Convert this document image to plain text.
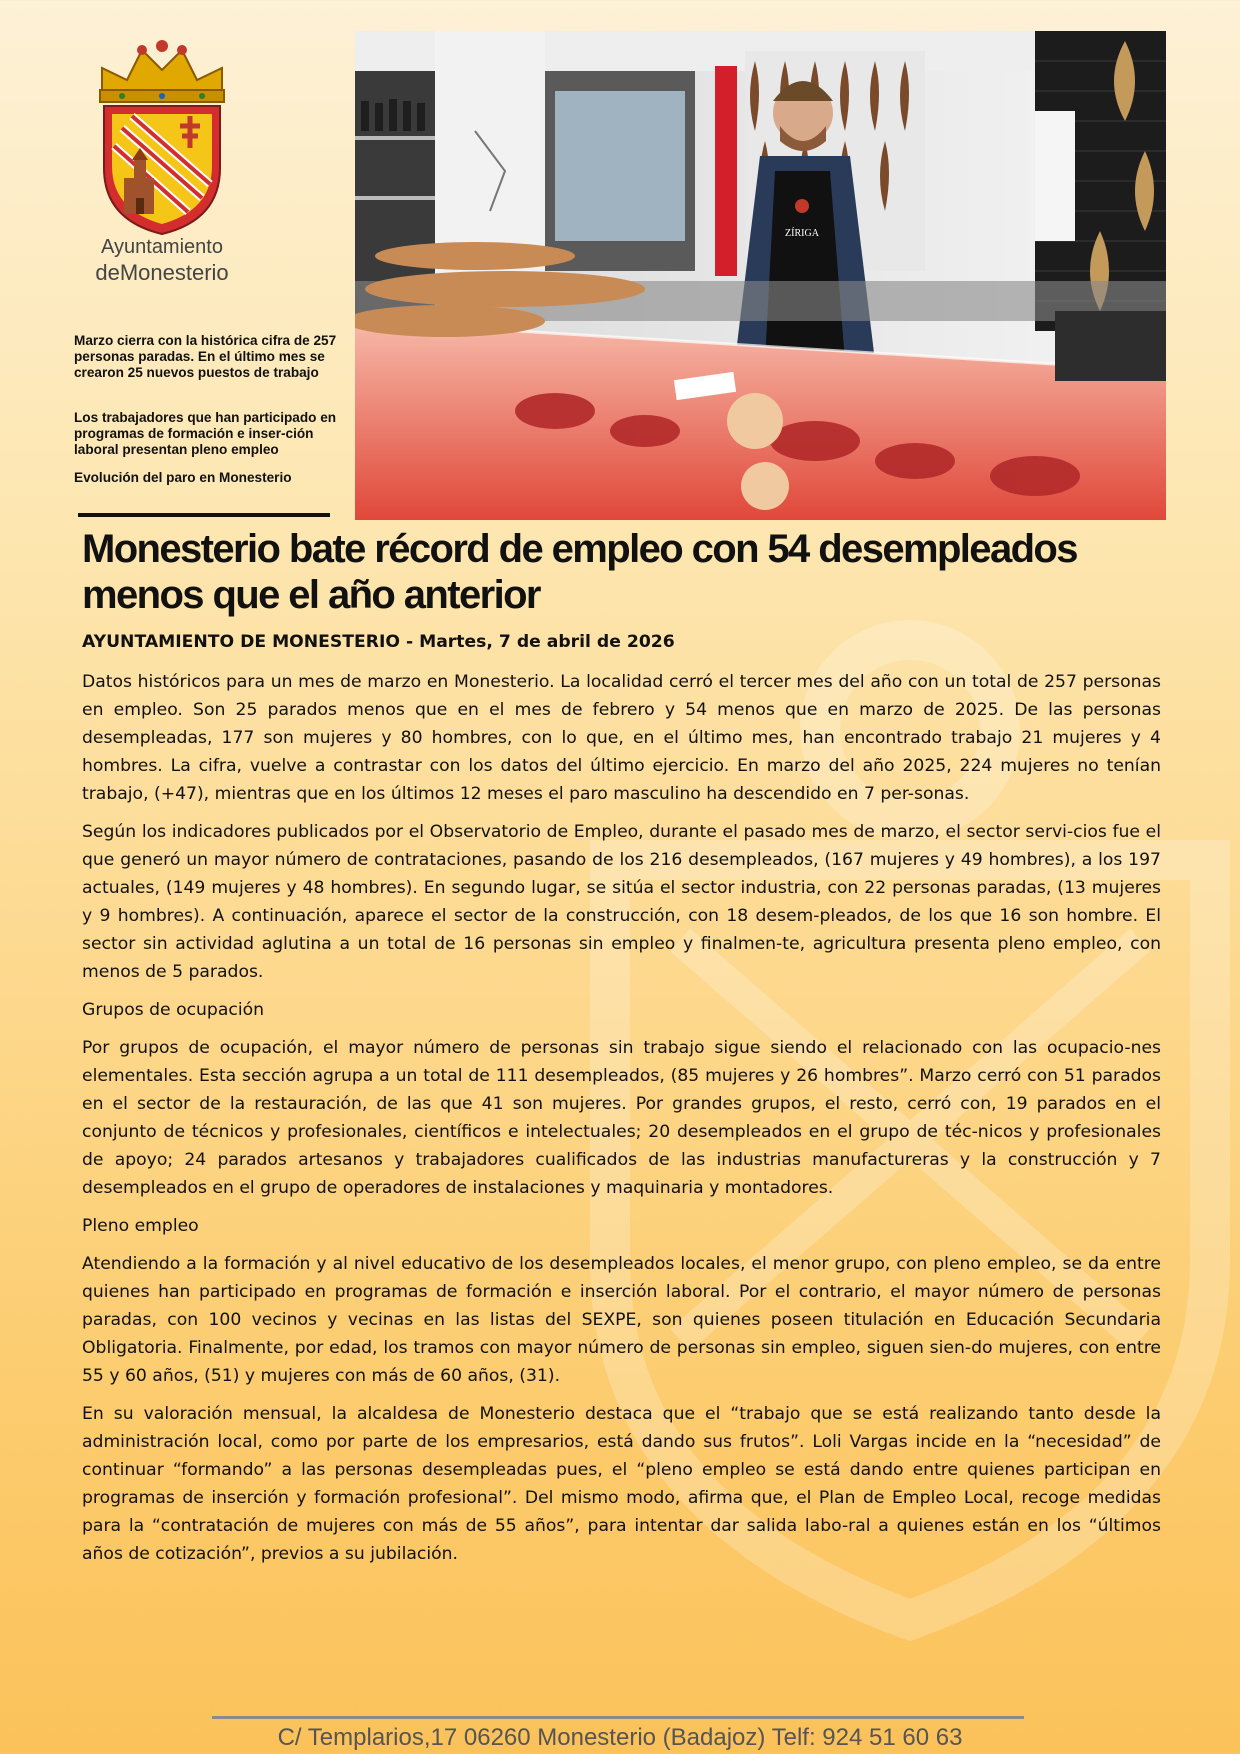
Ayuntamiento
deMonesterio
Marzo cierra con la histórica cifra de 257 personas paradas. En el último mes se crearon 25 nuevos puestos de trabajo
Los trabajadores que han participado en programas de formación e inser-ción laboral presentan pleno empleo
Evolución del paro en Monesterio
ZÍRIGA
Monesterio bate récord de empleo con 54 desempleados menos que el año anterior
AYUNTAMIENTO DE MONESTERIO - Martes, 7 de abril de 2026

Datos históricos para un mes de marzo en Monesterio. La localidad cerró el tercer mes del año con un total de 257 personas en empleo. Son 25 parados menos que en el mes de febrero y 54 menos que en marzo de 2025. De las personas desempleadas, 177 son mujeres y 80 hombres, con lo que, en el último mes, han encontrado trabajo 21 mujeres y 4 hombres. La cifra, vuelve a contrastar con los datos del último ejercicio. En marzo del año 2025, 224 mujeres no tenían trabajo, (+47), mientras que en los últimos 12 meses el paro masculino ha descendido en 7 per-sonas.

Según los indicadores publicados por el Observatorio de Empleo, durante el pasado mes de marzo, el sector servi-cios fue el que generó un mayor número de contrataciones, pasando de los 216 desempleados, (167 mujeres y 49 hombres), a los 197 actuales, (149 mujeres y 48 hombres). En segundo lugar, se sitúa el sector industria, con 22 personas paradas, (13 mujeres y 9 hombres). A continuación, aparece el sector de la construcción, con 18 desem-pleados, de los que 16 son hombre. El sector sin actividad aglutina a un total de 16 personas sin empleo y finalmen-te, agricultura presenta pleno empleo, con menos de 5 parados.

Grupos de ocupación

Por grupos de ocupación, el mayor número de personas sin trabajo sigue siendo el relacionado con las ocupacio-nes elementales. Esta sección agrupa a un total de 111 desempleados, (85 mujeres y 26 hombres”. Marzo cerró con 51 parados en el sector de la restauración, de las que 41 son mujeres. Por grandes grupos, el resto, cerró con, 19 parados en el conjunto de técnicos y profesionales, científicos e intelectuales; 20 desempleados en el grupo de téc-nicos y profesionales de apoyo; 24 parados artesanos y trabajadores cualificados de las industrias manufactureras y la construcción y 7 desempleados en el grupo de operadores de instalaciones y maquinaria y montadores.

Pleno empleo

Atendiendo a la formación y al nivel educativo de los desempleados locales, el menor grupo, con pleno empleo, se da entre quienes han participado en programas de formación e inserción laboral. Por el contrario, el mayor número de personas paradas, con 100 vecinos y vecinas en las listas del SEXPE, son quienes poseen titulación en Educación Secundaria Obligatoria. Finalmente, por edad, los tramos con mayor número de personas sin empleo, siguen sien-do mujeres, con entre 55 y 60 años, (51) y mujeres con más de 60 años, (31).

En su valoración mensual, la alcaldesa de Monesterio destaca que el “trabajo que se está realizando tanto desde la administración local, como por parte de los empresarios, está dando sus frutos”. Loli Vargas incide en la “necesidad” de continuar “formando” a las personas desempleadas pues, el “pleno empleo se está dando entre quienes participan en programas de inserción y formación profesional”. Del mismo modo, afirma que, el Plan de Empleo Local, recoge medidas para la “contratación de mujeres con más de 55 años”, para intentar dar salida labo-ral a quienes están en los “últimos años de cotización”, previos a su jubilación.

C/ Templarios,17 06260 Monesterio (Badajoz) Telf: 924 51 60 63
